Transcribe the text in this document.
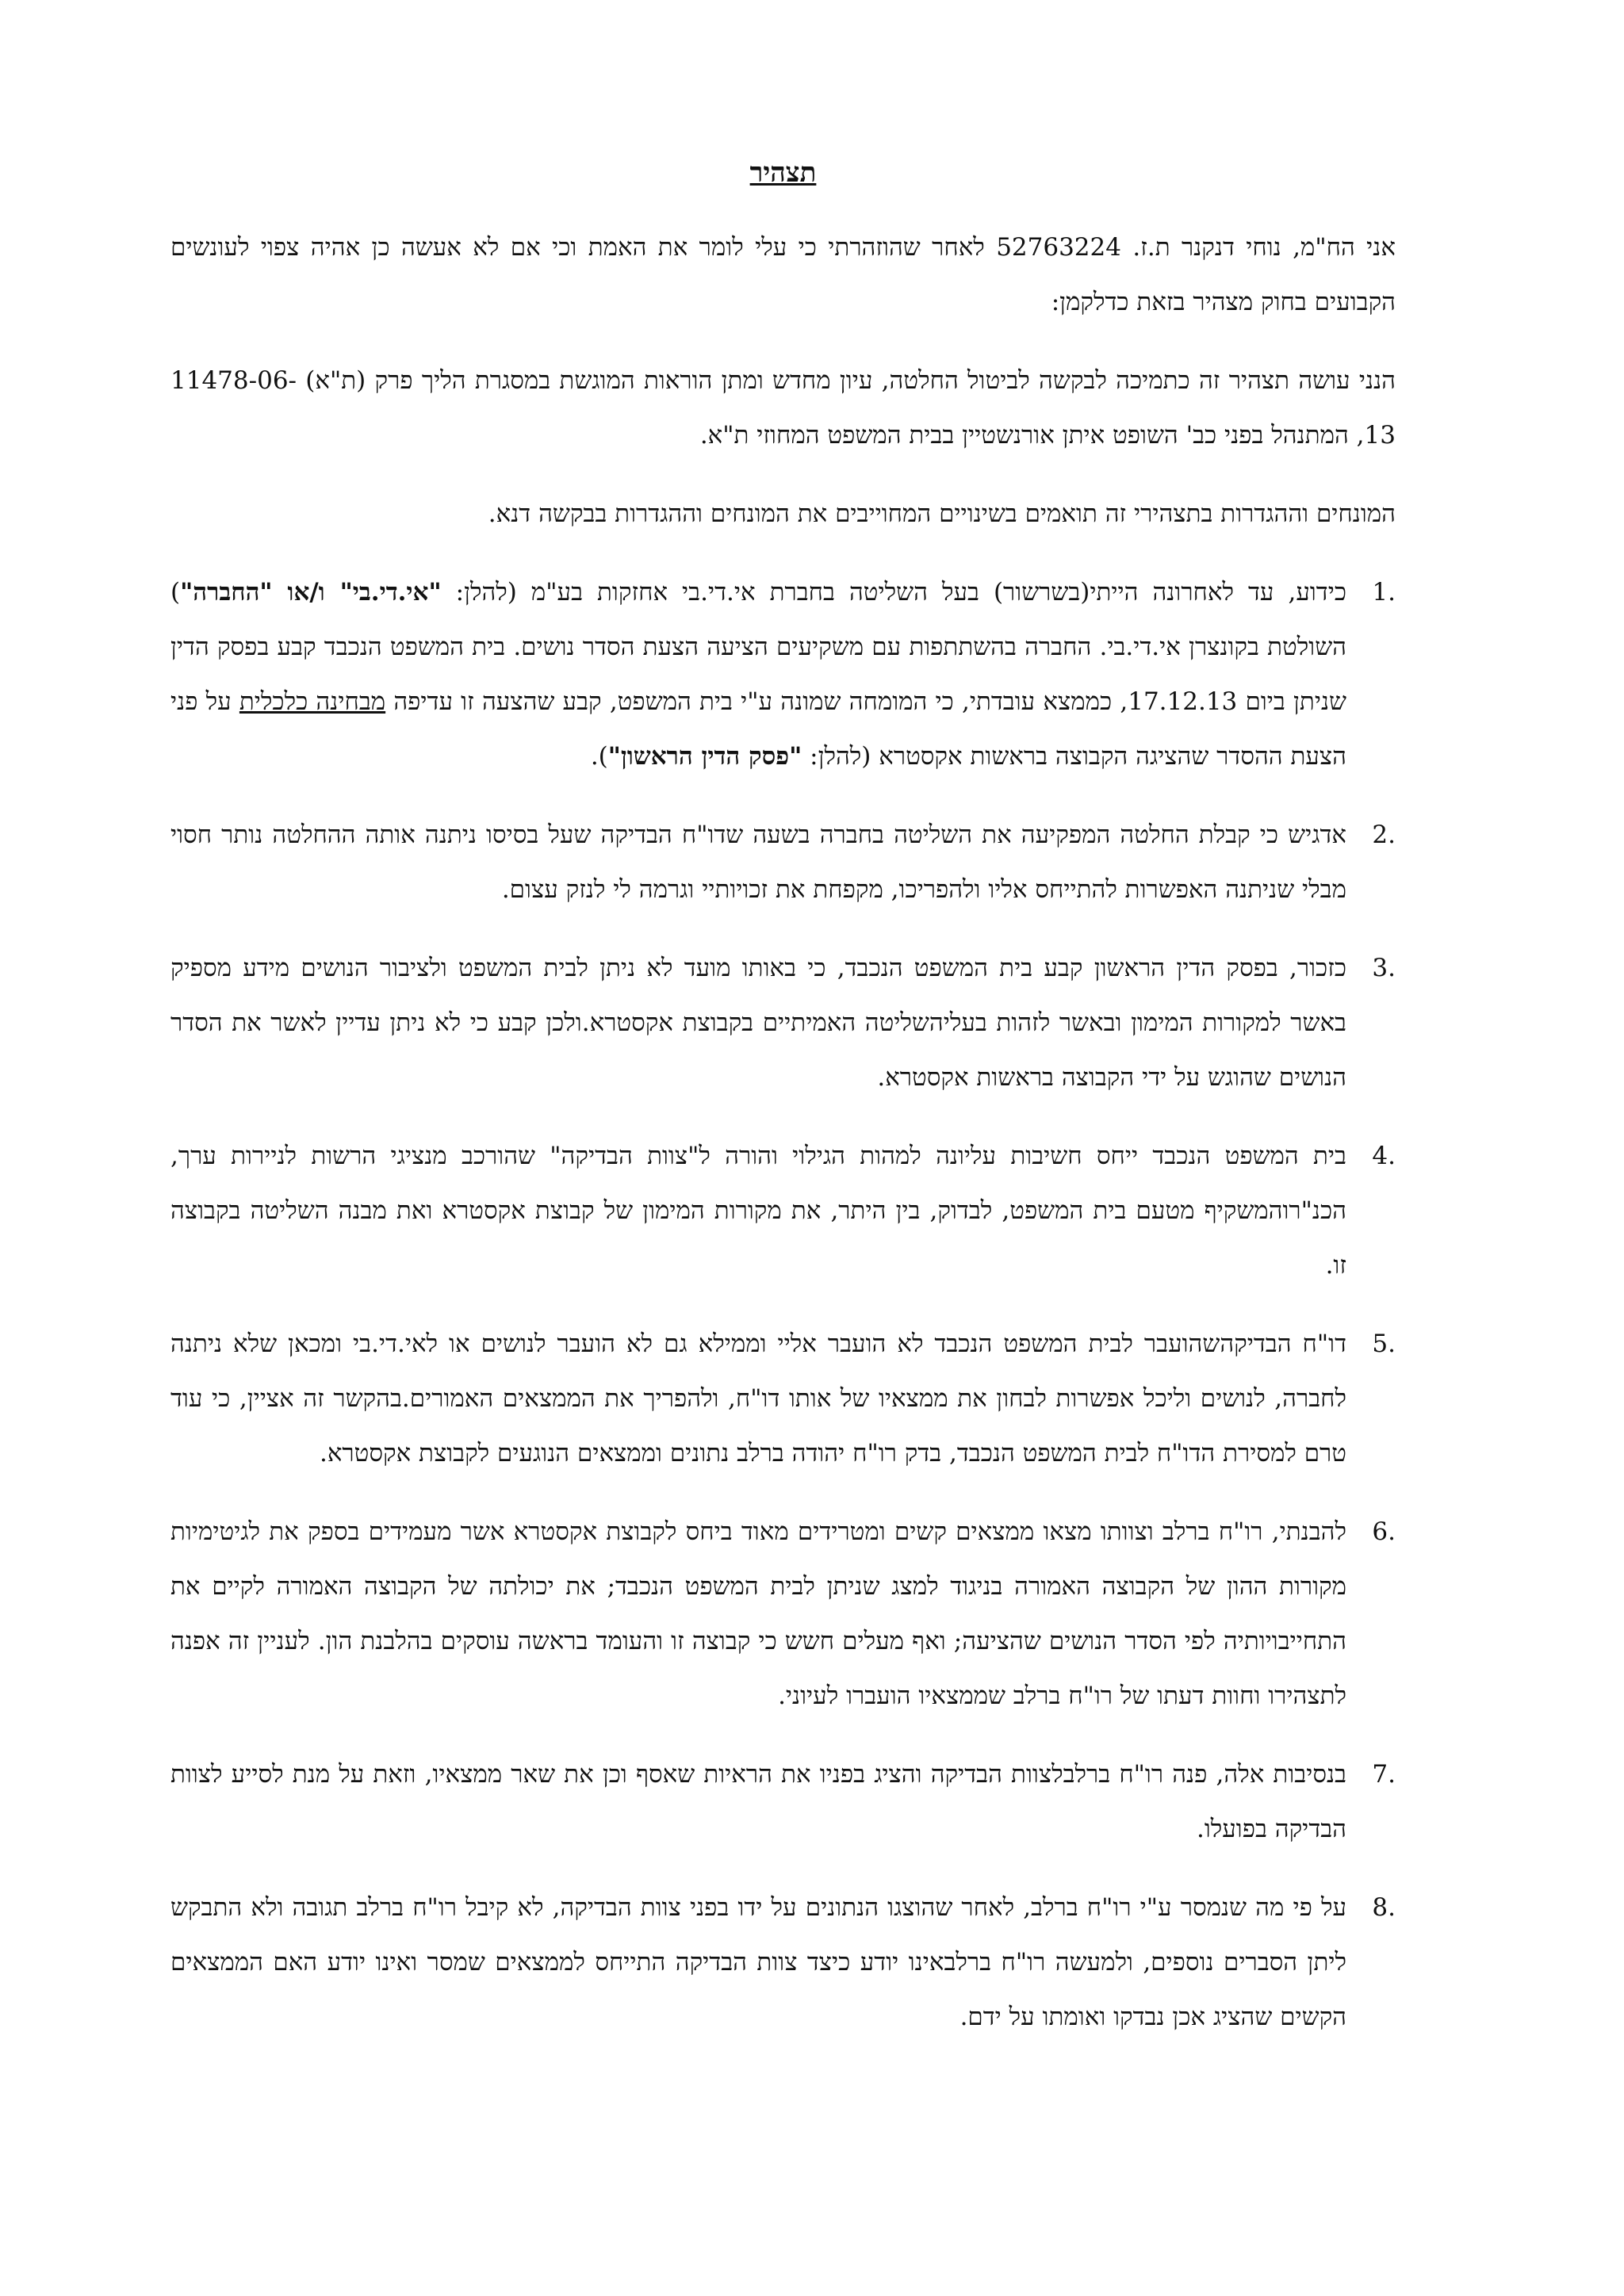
תצהיר

אני הח"מ, נוחי דנקנר ת.ז. 52763224 לאחר שהוזהרתי כי עלי לומר את האמת וכי אם לא אעשה כן אהיה צפוי לעונשים הקבועים בחוק מצהיר בזאת כדלקמן:

הנני עושה תצהיר זה כתמיכה לבקשה לביטול החלטה, עיון מחדש ומתן הוראות המוגשת במסגרת הליך פרק (ת"א) 11478-06-13, המתנהל בפני כב' השופט איתן אורנשטיין בבית המשפט המחוזי ת"א.

המונחים וההגדרות בתצהירי זה תואמים בשינויים המחוייבים את המונחים וההגדרות בבקשה דנא.

1.
כידוע, עד לאחרונה הייתי(בשרשור) בעל השליטה בחברת אי.די.בי אחזקות בע"מ (להלן: "אי.די.בי" ו/או "החברה") השולטת בקונצרן אי.די.בי. החברה בהשתתפות עם משקיעים הציעה הצעת הסדר נושים. בית המשפט הנכבד קבע בפסק הדין שניתן ביום 17.12.13, כממצא עובדתי, כי המומחה שמונה ע"י בית המשפט, קבע שהצעה זו עדיפה מבחינה כלכלית על פני הצעת ההסדר שהציגה הקבוצה בראשות אקסטרא (להלן: "פסק הדין הראשון").
2.
אדגיש כי קבלת החלטה המפקיעה את השליטה בחברה בשעה שדו"ח הבדיקה שעל בסיסו ניתנה אותה ההחלטה נותר חסוי מבלי שניתנה האפשרות להתייחס אליו ולהפריכו, מקפחת את זכויותיי וגרמה לי לנזק עצום.
3.
כזכור, בפסק הדין הראשון קבע בית המשפט הנכבד, כי באותו מועד לא ניתן לבית המשפט ולציבור הנושים מידע מספיק באשר למקורות המימון ובאשר לזהות בעליהשליטה האמיתיים בקבוצת אקסטרא.ולכן קבע כי לא ניתן עדיין לאשר את הסדר הנושים שהוגש על ידי הקבוצה בראשות אקסטרא.
4.
בית המשפט הנכבד ייחס חשיבות עליונה למהות הגילוי והורה ל"צוות הבדיקה" שהורכב מנציגי הרשות לניירות ערך, הכנ"רוהמשקיף מטעם בית המשפט, לבדוק, בין היתר, את מקורות המימון של קבוצת אקסטרא ואת מבנה השליטה בקבוצה זו.
5.
דו"ח הבדיקהשהועבר לבית המשפט הנכבד לא הועבר אליי וממילא גם לא הועבר לנושים או לאי.די.בי ומכאן שלא ניתנה לחברה, לנושים וליכל אפשרות לבחון את ממצאיו של אותו דו"ח, ולהפריך את הממצאים האמורים.בהקשר זה אציין, כי עוד טרם למסירת הדו"ח לבית המשפט הנכבד, בדק רו"ח יהודה ברלב נתונים וממצאים הנוגעים לקבוצת אקסטרא.
6.
להבנתי, רו"ח ברלב וצוותו מצאו ממצאים קשים ומטרידים מאוד ביחס לקבוצת אקסטרא אשר מעמידים בספק את לגיטימיות מקורות ההון של הקבוצה האמורה בניגוד למצג שניתן לבית המשפט הנכבד; את יכולתה של הקבוצה האמורה לקיים את התחייבויותיה לפי הסדר הנושים שהציעה; ואף מעלים חשש כי קבוצה זו והעומד בראשה עוסקים בהלבנת הון. לעניין זה אפנה לתצהירו וחוות דעתו של רו"ח ברלב שממצאיו הועברו לעיוני.
7.
בנסיבות אלה, פנה רו"ח ברלבלצוות הבדיקה והציג בפניו את הראיות שאסף וכן את שאר ממצאיו, וזאת על מנת לסייע לצוות הבדיקה בפועלו.
8.
על פי מה שנמסר ע"י רו"ח ברלב, לאחר שהוצגו הנתונים על ידו בפני צוות הבדיקה, לא קיבל רו"ח ברלב תגובה ולא התבקש ליתן הסברים נוספים, ולמעשה רו"ח ברלבאינו יודע כיצד צוות הבדיקה התייחס לממצאים שמסר ואינו יודע האם הממצאים הקשים שהציג אכן נבדקו ואומתו על ידם.
